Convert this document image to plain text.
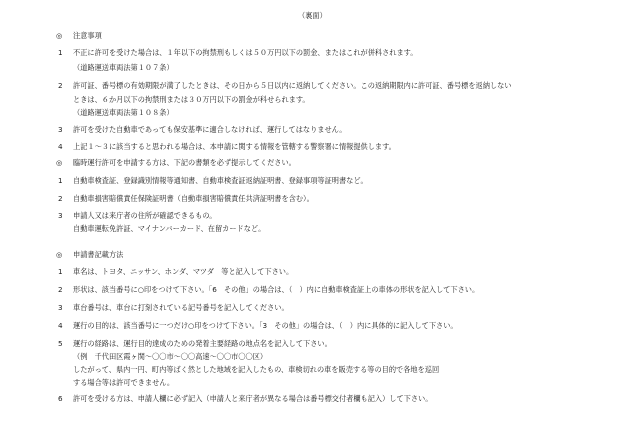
（裏面）
◎ 注意事項
1 不正に許可を受けた場合は、１年以下の拘禁刑もしくは５０万円以下の罰金、またはこれが併科されます。
（道路運送車両法第１０７条）
2 許可証、番号標の有効期限が満了したときは、その日から５日以内に返納してください。この返納期限内に許可証、番号標を返納しない
ときは、６か月以下の拘禁刑または３０万円以下の罰金が科せられます。
（道路運送車両法第１０８条）
3 許可を受けた自動車であっても保安基準に適合しなければ、運行してはなりません。
4 上記１～３に該当すると思われる場合は、本申請に関する情報を管轄する警察署に情報提供します。
◎ 臨時運行許可を申請する方は、下記の書類を必ず提示してください。
1 自動車検査証、登録識別情報等通知書、自動車検査証返納証明書、登録事項等証明書など。
2 自動車損害賠償責任保険証明書（自動車損害賠償責任共済証明書を含む）。
3 申請人又は来庁者の住所が確認できるもの。
自動車運転免許証、マイナンバーカード、在留カードなど。
◎ 申請書記載方法
1 車名は、トヨタ、ニッサン、ホンダ、マツダ　等と記入して下さい。
2 形状は、該当番号に○印をつけて下さい。「6　その他」の場合は、（　）内に自動車検査証上の車体の形状を記入して下さい。
3 車台番号は、車台に打刻されている記号番号を記入してください。
4 運行の目的は、該当番号に一つだけ○印をつけて下さい。「3　その他」の場合は、（　）内に具体的に記入して下さい。
5 運行の経路は、運行目的達成のための発着主要経路の地点名を記入して下さい。
（例　千代田区霞ヶ関～〇〇市～〇〇高速～〇〇市〇〇区）
したがって、県内一円、町内等ばく然とした地域を記入したもの、車検切れの車を販売する等の目的で各地を巡回
する場合等は許可できません。
6 許可を受ける方は、申請人欄に必ず記入（申請人と来庁者が異なる場合は番号標交付者欄も記入）して下さい。
